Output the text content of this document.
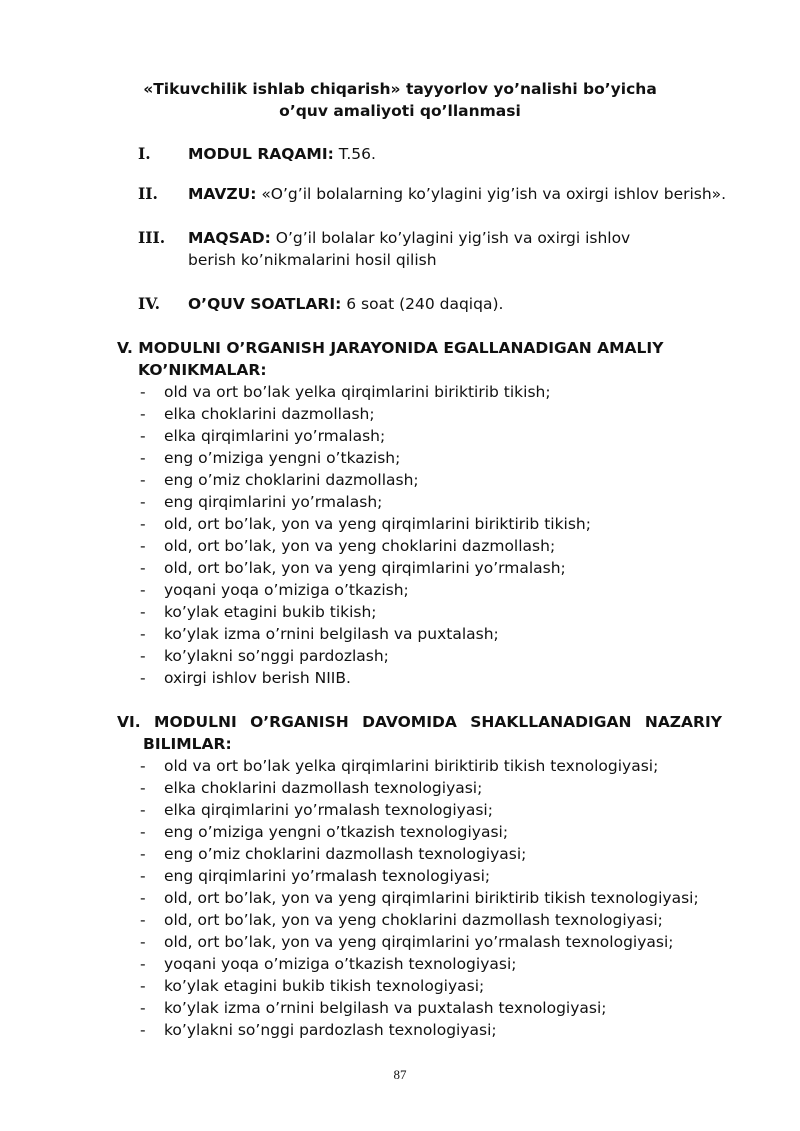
«Tikuvchilik ishlab chiqarish» tayyorlov yo’nalishi bo’yicha
o’quv amaliyoti qo’llanmasi
I. MODUL RAQAMI: T.56.
II. MAVZU: «O’g’il bolalarning ko’ylagini yig’ish va oxirgi ishlov berish».
III. MAQSAD: O’g’il bolalar ko’ylagini yig’ish va oxirgi ishlov berish ko’nikmalarini hosil qilish
IV. O’QUV SOATLARI: 6 soat (240 daqiqa).
V. MODULNI O’RGANISH JARAYONIDA EGALLANADIGAN AMALIY
KO’NIKMALAR:
- old va ort bo’lak yelka qirqimlarini biriktirib tikish;
- elka choklarini dazmollash;
- elka qirqimlarini yo’rmalash;
- eng o’miziga yengni o’tkazish;
- eng o’miz choklarini dazmollash;
- eng qirqimlarini yo’rmalash;
- old, ort bo’lak, yon va yeng qirqimlarini biriktirib tikish;
- old, ort bo’lak, yon va yeng choklarini dazmollash;
- old, ort bo’lak, yon va yeng qirqimlarini yo’rmalash;
- yoqani yoqa o’miziga o’tkazish;
- ko’ylak etagini bukib tikish;
- ko’ylak izma o’rnini belgilash va puxtalash;
- ko’ylakni so’nggi pardozlash;
- oxirgi ishlov berish NIIB.
VI. MODULNI O’RGANISH DAVOMIDA SHAKLLANADIGAN NAZARIY
BILIMLAR:
- old va ort bo’lak yelka qirqimlarini biriktirib tikish texnologiyasi;
- elka choklarini dazmollash texnologiyasi;
- elka qirqimlarini yo’rmalash texnologiyasi;
- eng o’miziga yengni o’tkazish texnologiyasi;
- eng o’miz choklarini dazmollash texnologiyasi;
- eng qirqimlarini yo’rmalash texnologiyasi;
- old, ort bo’lak, yon va yeng qirqimlarini biriktirib tikish texnologiyasi;
- old, ort bo’lak, yon va yeng choklarini dazmollash texnologiyasi;
- old, ort bo’lak, yon va yeng qirqimlarini yo’rmalash texnologiyasi;
- yoqani yoqa o’miziga o’tkazish texnologiyasi;
- ko’ylak etagini bukib tikish texnologiyasi;
- ko’ylak izma o’rnini belgilash va puxtalash texnologiyasi;
- ko’ylakni so’nggi pardozlash texnologiyasi;
87
